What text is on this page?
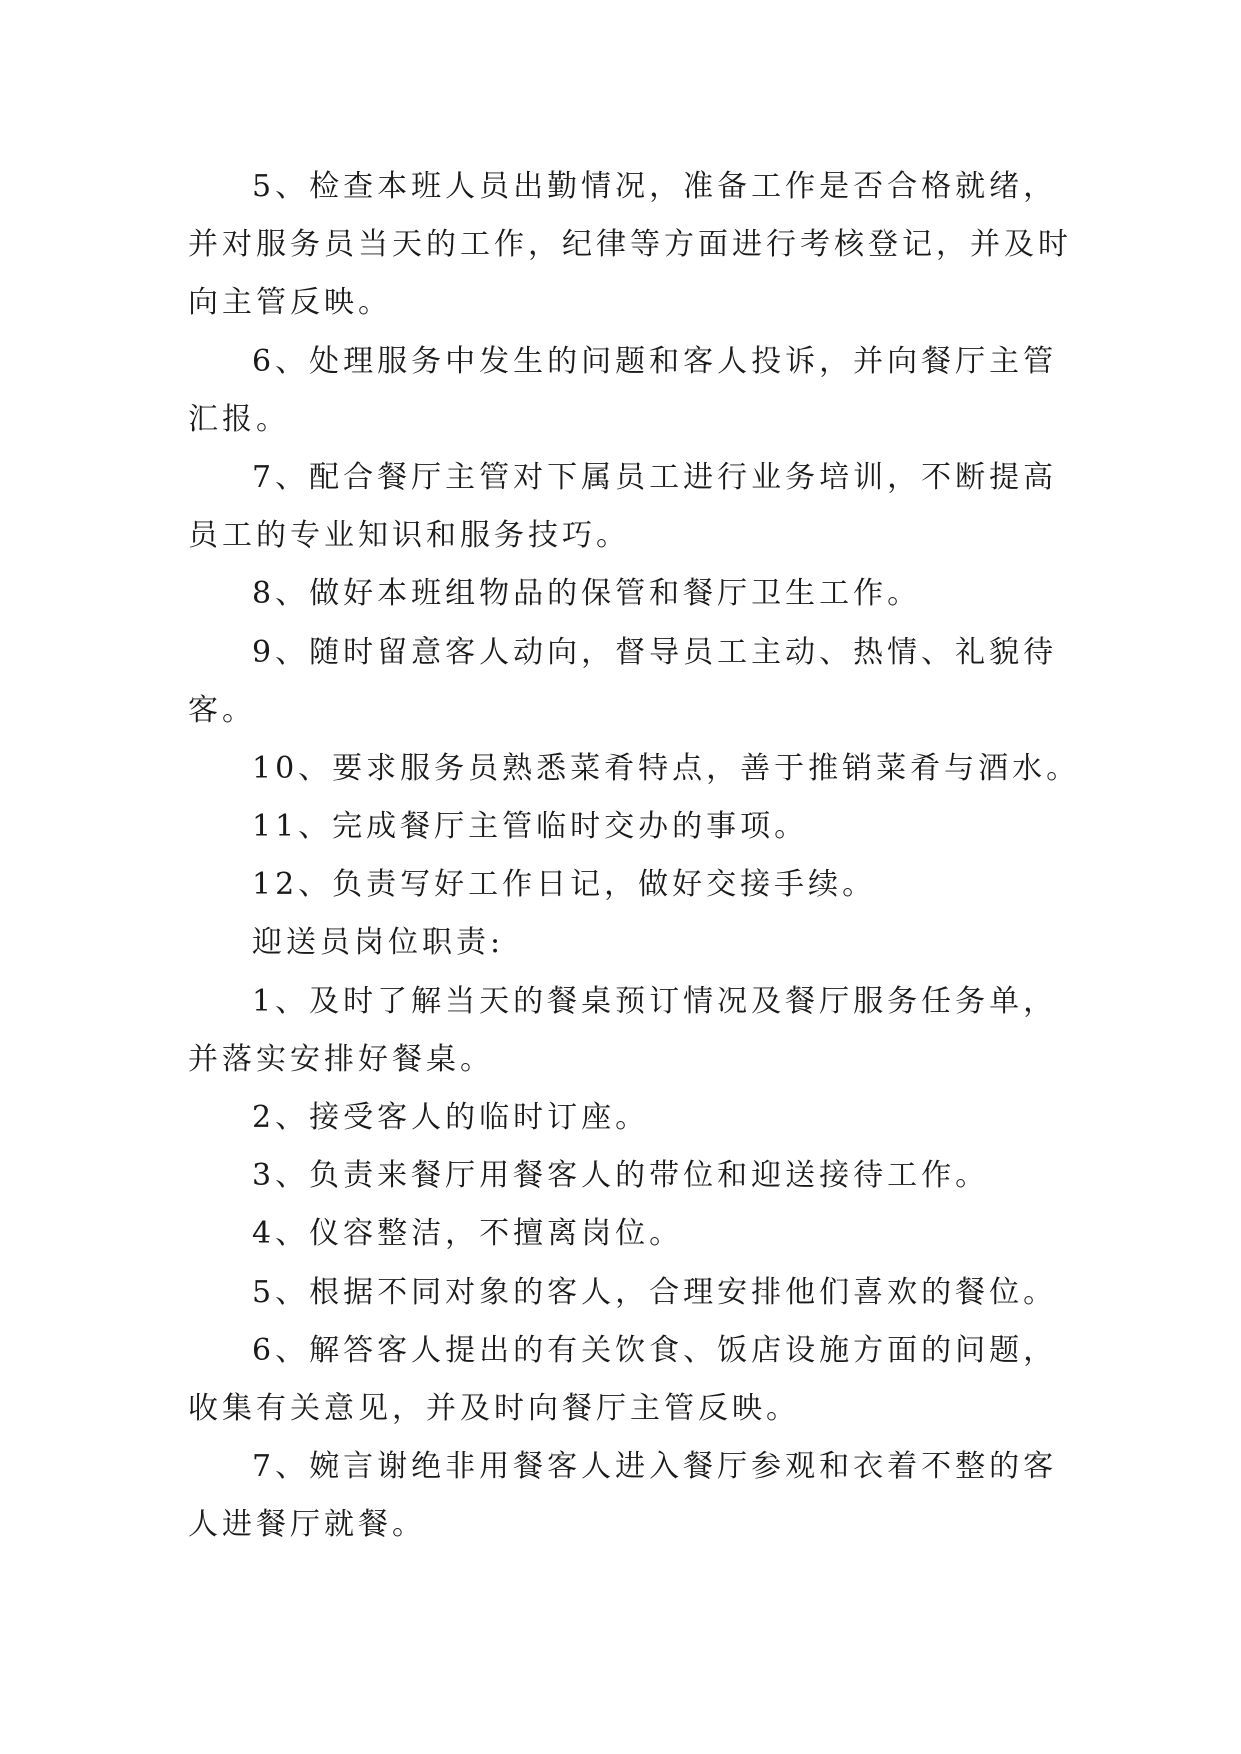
5、检查本班人员出勤情况，准备工作是否合格就绪，
并对服务员当天的工作，纪律等方面进行考核登记，并及时
向主管反映。
6、处理服务中发生的问题和客人投诉，并向餐厅主管
汇报。
7、配合餐厅主管对下属员工进行业务培训，不断提高
员工的专业知识和服务技巧。
8、做好本班组物品的保管和餐厅卫生工作。
9、随时留意客人动向，督导员工主动、热情、礼貌待
客。
10、要求服务员熟悉菜肴特点，善于推销菜肴与酒水。
11、完成餐厅主管临时交办的事项。
12、负责写好工作日记，做好交接手续。
迎送员岗位职责:
1、及时了解当天的餐桌预订情况及餐厅服务任务单，
并落实安排好餐桌。
2、接受客人的临时订座。
3、负责来餐厅用餐客人的带位和迎送接待工作。
4、仪容整洁，不擅离岗位。
5、根据不同对象的客人，合理安排他们喜欢的餐位。
6、解答客人提出的有关饮食、饭店设施方面的问题，
收集有关意见，并及时向餐厅主管反映。
7、婉言谢绝非用餐客人进入餐厅参观和衣着不整的客
人进餐厅就餐。
